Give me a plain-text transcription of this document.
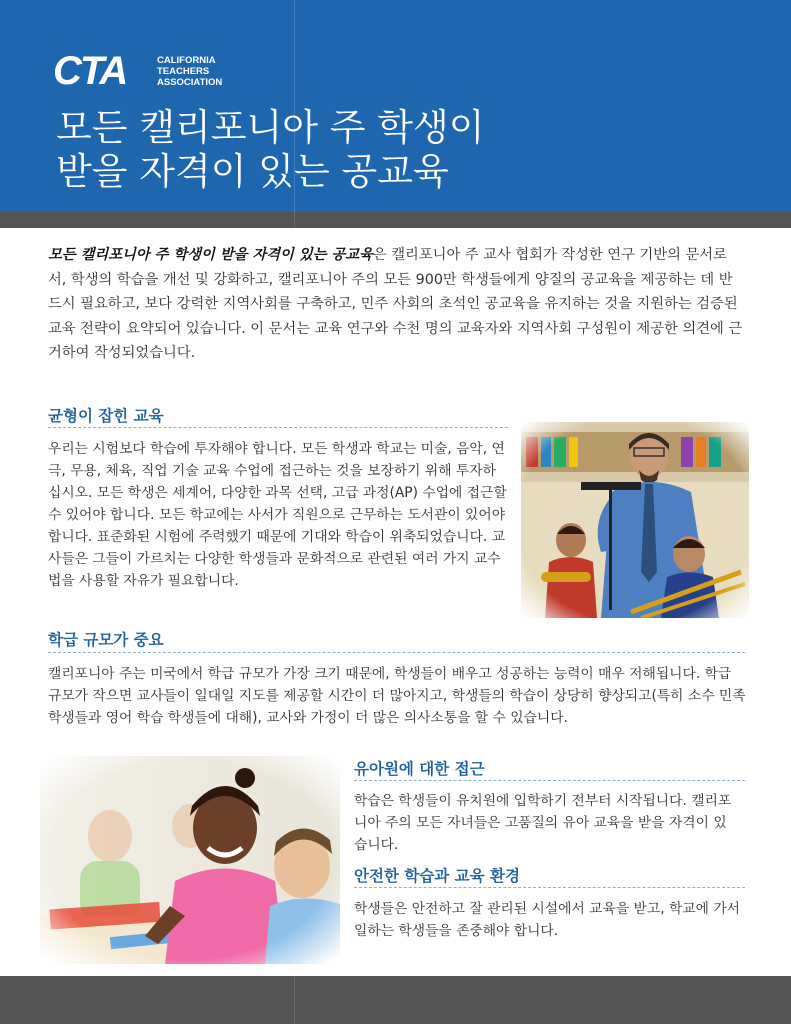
CTA	CALIFORNIA
TEACHERS
ASSOCIATION
모든 캘리포니아 주 학생이
받을 자격이 있는 공교육
모든 캘리포니아 주 학생이 받을 자격이 있는 공교육은 캘리포니아 주 교사 협회가 작성한 연구 기반의 문서로서, 학생의 학습을 개선 및 강화하고, 캘리포니아 주의 모든 900만 학생들에게 양질의 공교육을 제공하는 데 반드시 필요하고, 보다 강력한 지역사회를 구축하고, 민주 사회의 초석인 공교육을 유지하는 것을 지원하는 검증된 교육 전략이 요약되어 있습니다. 이 문서는 교육 연구와 수천 명의 교육자와 지역사회 구성원이 제공한 의견에 근거하여 작성되었습니다.
균형이 잡힌 교육
우리는 시험보다 학습에 투자해야 합니다. 모든 학생과 학교는 미술, 음악, 연극, 무용, 체육, 직업 기술 교육 수업에 접근하는 것을 보장하기 위해 투자하십시오. 모든 학생은 세계어, 다양한 과목 선택, 고급 과정(AP) 수업에 접근할 수 있어야 합니다. 모든 학교에는 사서가 직원으로 근무하는 도서관이 있어야 합니다. 표준화된 시험에 주력했기 때문에 기대와 학습이 위축되었습니다. 교사들은 그들이 가르치는 다양한 학생들과 문화적으로 관련된 여러 가지 교수법을 사용할 자유가 필요합니다.
학급 규모가 중요
캘리포니아 주는 미국에서 학급 규모가 가장 크기 때문에, 학생들이 배우고 성공하는 능력이 매우 저해됩니다. 학급 규모가 작으면 교사들이 일대일 지도를 제공할 시간이 더 많아지고, 학생들의 학습이 상당히 향상되고(특히 소수 민족 학생들과 영어 학습 학생들에 대해), 교사와 가정이 더 많은 의사소통을 할 수 있습니다.
유아원에 대한 접근
학습은 학생들이 유치원에 입학하기 전부터 시작됩니다. 캘리포니아 주의 모든 자녀들은 고품질의 유아 교육을 받을 자격이 있습니다.
안전한 학습과 교육 환경
학생들은 안전하고 잘 관리된 시설에서 교육을 받고, 학교에 가서 일하는 학생들을 존중해야 합니다.
